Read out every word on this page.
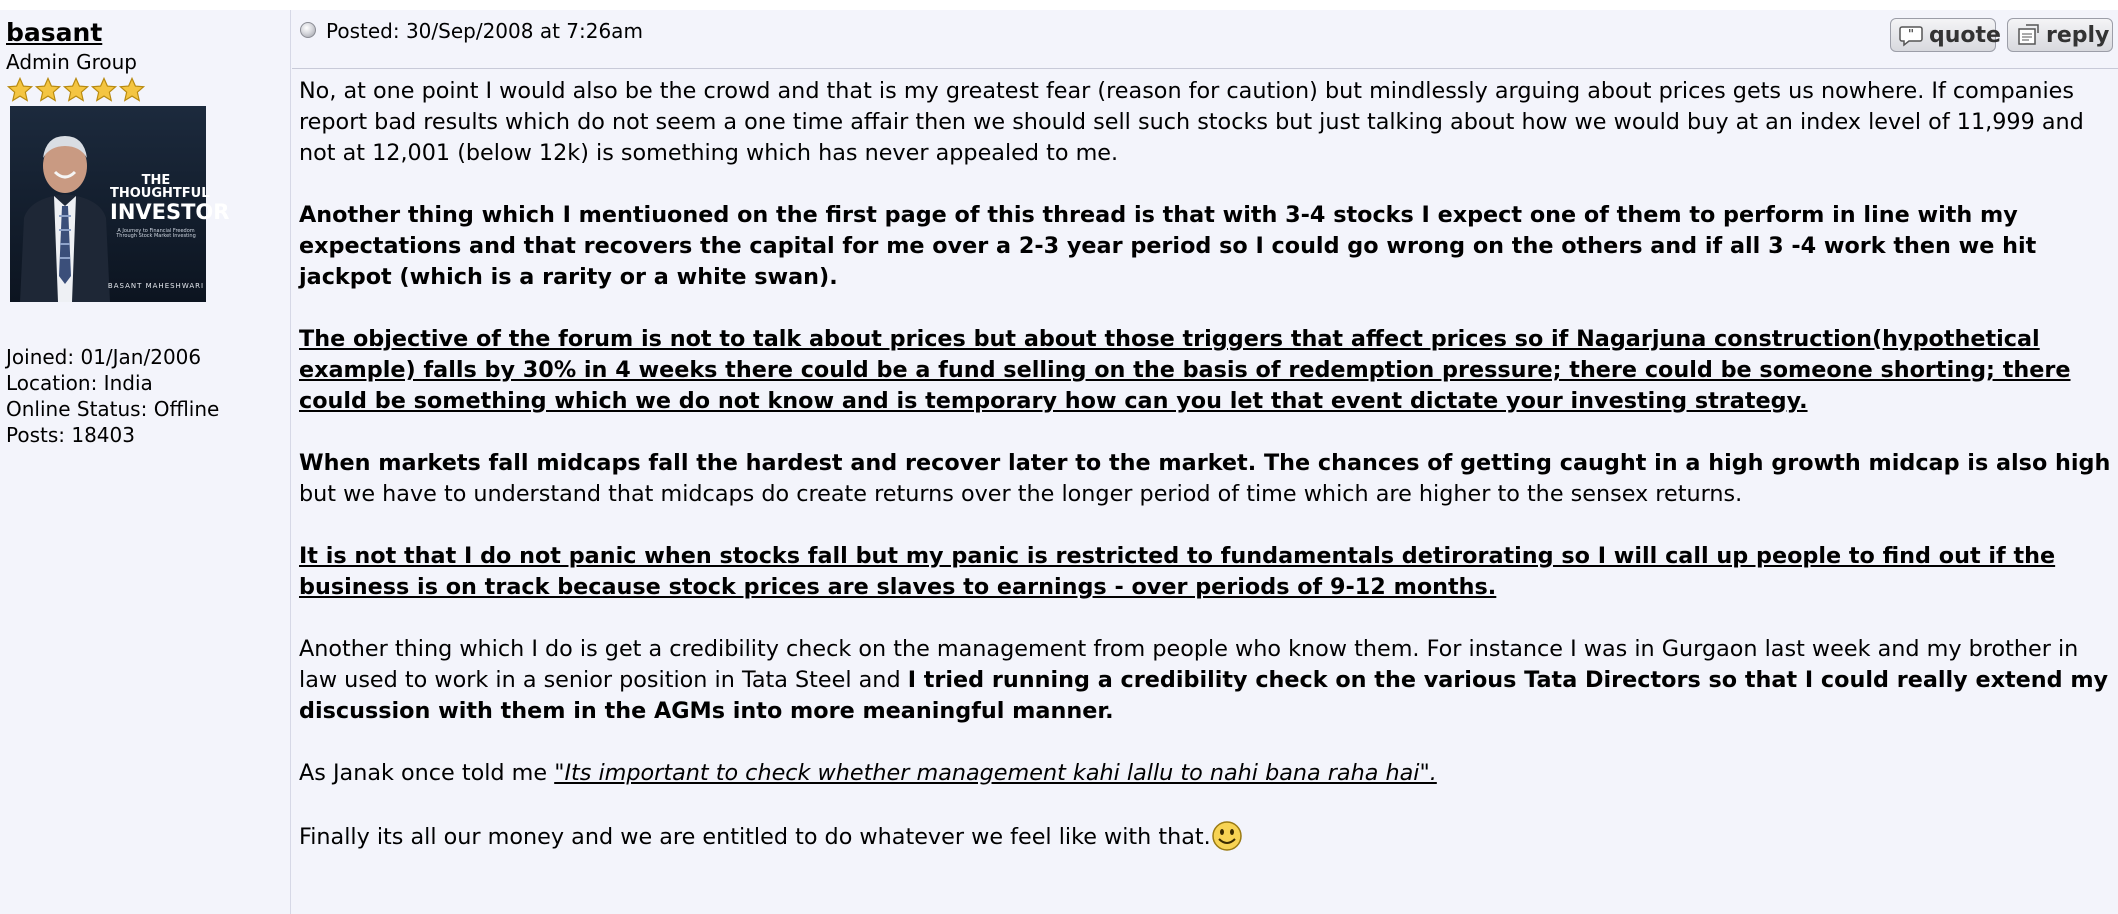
basant
Admin Group
THE THOUGHTFUL
INVESTOR
A Journey to Financial Freedom Through Stock Market Investing
BASANT MAHESHWARI
Joined: 01/Jan/2006
Location: India
Online Status: Offline
Posts: 18403
Posted: 30/Sep/2008 at 7:26am	" quote reply

No, at one point I would also be the crowd and that is my greatest fear (reason for caution) but mindlessly arguing about prices gets us nowhere. If companies report bad results which do not seem a one time affair then we should sell such stocks but just talking about how we would buy at an index level of 11,999 and not at 12,001 (below 12k) is something which has never appealed to me.

Another thing which I mentiuoned on the first page of this thread is that with 3-4 stocks I expect one of them to perform in line with my expectations and that recovers the capital for me over a 2-3 year period so I could go wrong on the others and if all 3 -4 work then we hit jackpot (which is a rarity or a white swan).

The objective of the forum is not to talk about prices but about those triggers that affect prices so if Nagarjuna construction(hypothetical example) falls by 30% in 4 weeks there could be a fund selling on the basis of redemption pressure; there could be someone shorting; there could be something which we do not know and is temporary how can you let that event dictate your investing strategy.

When markets fall midcaps fall the hardest and recover later to the market. The chances of getting caught in a high growth midcap is also high but we have to understand that midcaps do create returns over the longer period of time which are higher to the sensex returns.

It is not that I do not panic when stocks fall but my panic is restricted to fundamentals detirorating so I will call up people to find out if the business is on track because stock prices are slaves to earnings - over periods of 9-12 months.

Another thing which I do is get a credibility check on the management from people who know them. For instance I was in Gurgaon last week and my brother in law used to work in a senior position in Tata Steel and I tried running a credibility check on the various Tata Directors so that I could really extend my discussion with them in the AGMs into more meaningful manner.

As Janak once told me "Its important to check whether management kahi lallu to nahi bana raha hai".

Finally its all our money and we are entitled to do whatever we feel like with that.
